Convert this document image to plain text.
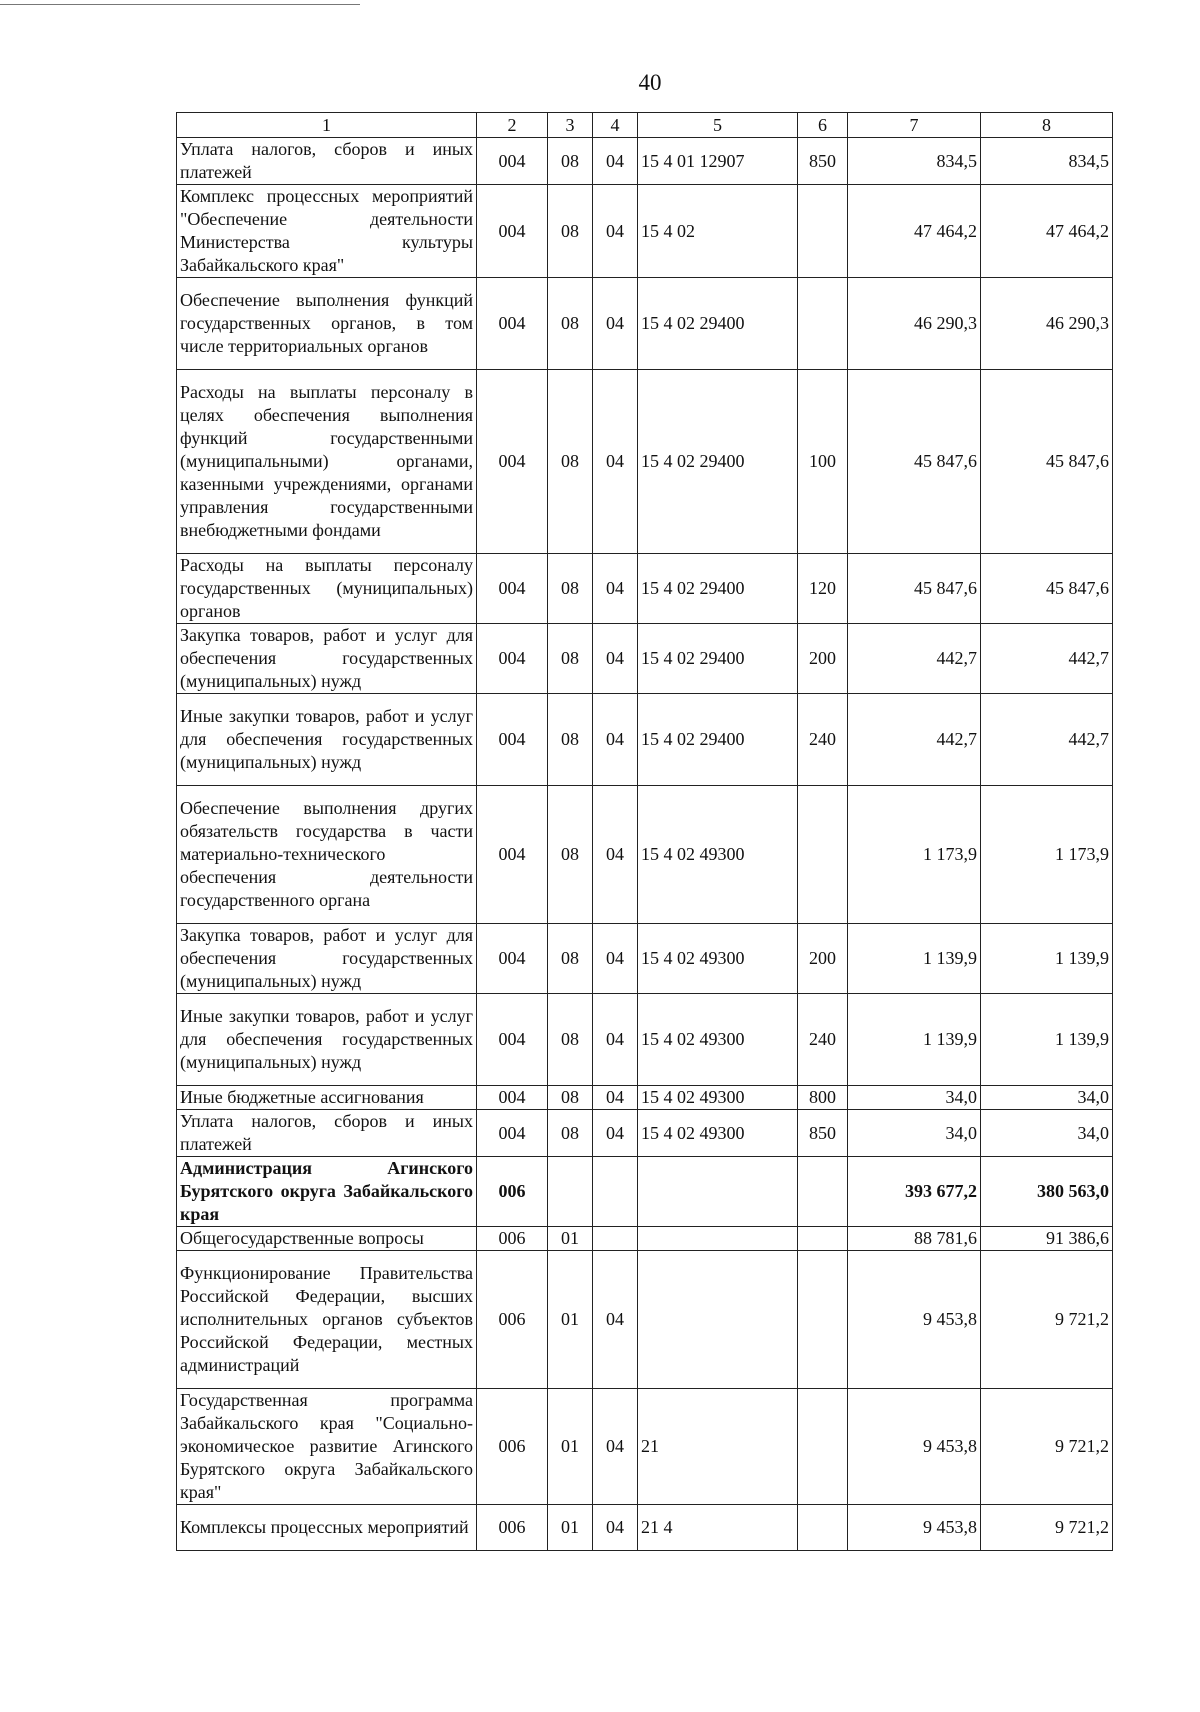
40
1	2	3	4	5	6	7	8
Уплата налогов, сборов и иных платежей	004	08	04	15 4 01 12907	850	834,5	834,5
Комплекс процессных мероприятий "Обеспечение деятельности Министерства культуры Забайкальского края"	004	08	04	15 4 02		47 464,2	47 464,2
Обеспечение выполнения функций государственных органов, в том числе территориальных органов	004	08	04	15 4 02 29400		46 290,3	46 290,3
Расходы на выплаты персоналу в целях обеспечения выполнения функций государственными (муниципальными) органами, казенными учреждениями, органами управления государственными внебюджетными фондами	004	08	04	15 4 02 29400	100	45 847,6	45 847,6
Расходы на выплаты персоналу государственных (муниципальных) органов	004	08	04	15 4 02 29400	120	45 847,6	45 847,6
Закупка товаров, работ и услуг для обеспечения государственных (муниципальных) нужд	004	08	04	15 4 02 29400	200	442,7	442,7
Иные закупки товаров, работ и услуг для обеспечения государственных (муниципальных) нужд	004	08	04	15 4 02 29400	240	442,7	442,7
Обеспечение выполнения других обязательств государства в части материально-технического обеспечения деятельности государственного органа	004	08	04	15 4 02 49300		1 173,9	1 173,9
Закупка товаров, работ и услуг для обеспечения государственных (муниципальных) нужд	004	08	04	15 4 02 49300	200	1 139,9	1 139,9
Иные закупки товаров, работ и услуг для обеспечения государственных (муниципальных) нужд	004	08	04	15 4 02 49300	240	1 139,9	1 139,9
Иные бюджетные ассигнования	004	08	04	15 4 02 49300	800	34,0	34,0
Уплата налогов, сборов и иных платежей	004	08	04	15 4 02 49300	850	34,0	34,0
Администрация Агинского Бурятского округа Забайкальского края	006					393 677,2	380 563,0
Общегосударственные вопросы	006	01				88 781,6	91 386,6
Функционирование Правительства Российской Федерации, высших исполнительных органов субъектов Российской Федерации, местных администраций	006	01	04			9 453,8	9 721,2
Государственная программа Забайкальского края "Социально-экономическое развитие Агинского Бурятского округа Забайкальского края"	006	01	04	21		9 453,8	9 721,2
Комплексы процессных мероприятий	006	01	04	21 4		9 453,8	9 721,2
